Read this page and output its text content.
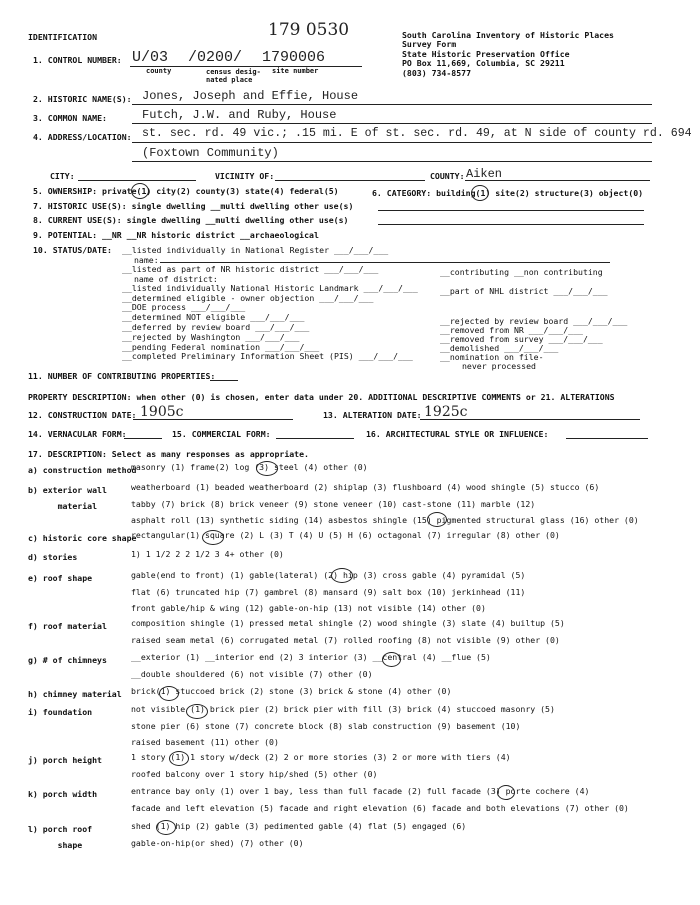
IDENTIFICATION	179 0530	South Carolina Inventory of Historic Places
Survey Form
State Historic Preservation Office
PO Box 11,669, Columbia, SC 29211
(803) 734-8577
1. CONTROL NUMBER: U/03 /0200/ 1790006
county	census desig-
nated place
site number
2. HISTORIC NAME(S): Jones, Joseph and Effie, House
3. COMMON NAME:	Futch, J.W. and Ruby, House
4. ADDRESS/LOCATION: st. sec. rd. 49 vic.; .15 mi. E of st. sec. rd. 49, at N side of county rd. 694
(Foxtown Community)
CITY:	VICINITY OF:	COUNTY: Aiken
5. OWNERSHIP: private(1) city(2) county(3) state(4) federal(5)	6. CATEGORY: building(1) site(2) structure(3) object(0)
7. HISTORIC USE(S): single dwelling __multi dwelling other use(s)
8. CURRENT USE(S): single dwelling __multi dwelling other use(s)
9. POTENTIAL: __NR __NR historic district __archaeological
10. STATUS/DATE: __listed individually in National Register ___/___/___
name:
__listed as part of NR historic district ___/___/___
__listed individually National Historic Landmark ___/___/___
name of district:
__determined eligible - owner objection ___/___/___
__DOE process ___/___/___
__determined NOT eligible ___/___/___
__deferred by review board ___/___/___
__rejected by Washington ___/___/___
__pending Federal nomination ___/___/___
__completed Preliminary Information Sheet (PIS) ___/___/___
__contributing __non contributing
__part of NHL district ___/___/___
__rejected by review board ___/___/___
__removed from NR ___/___/___
__removed from survey ___/___/___
__demolished ___/___/___
__nomination on file-
never processed
11. NUMBER OF CONTRIBUTING PROPERTIES:
PROPERTY DESCRIPTION: when other (0) is chosen, enter data under 20. ADDITIONAL DESCRIPTIVE COMMENTS or 21. ALTERATIONS
12. CONSTRUCTION DATE: 1905c	13. ALTERATION DATE: 1925c
14. VERNACULAR FORM:	15. COMMERCIAL FORM:	16. ARCHITECTURAL STYLE OR INFLUENCE:
17. DESCRIPTION: Select as many responses as appropriate.
a) construction method
masonry (1) frame(2) log (3) steel (4) other (0)
b) exterior wall
material
weatherboard (1) beaded weatherboard (2) shiplap (3) flushboard (4) wood shingle (5) stucco (6)
tabby (7) brick (8) brick veneer (9) stone veneer (10) cast-stone (11) marble (12)
asphalt roll (13) synthetic siding (14) asbestos shingle (15) pigmented structural glass (16) other (0)
c) historic core shape
rectangular(1) square (2) L (3) T (4) U (5) H (6) octagonal (7) irregular (8) other (0)
d) stories	1) 1 1/2 2 2 1/2 3 4+ other (0)
e) roof shape	gable(end to front) (1) gable(lateral) (2) hip (3) cross gable (4) pyramidal (5)
flat (6) truncated hip (7) gambrel (8) mansard (9) salt box (10) jerkinhead (11)
front gable/hip & wing (12) gable-on-hip (13) not visible (14) other (0)
f) roof material	composition shingle (1) pressed metal shingle (2) wood shingle (3) slate (4) builtup (5)
raised seam metal (6) corrugated metal (7) rolled roofing (8) not visible (9) other (0)
g) # of chimneys	__exterior (1) __interior end (2) 3 interior (3) __central (4) __flue (5)
__double shouldered (6) not visible (7) other (0)
h) chimney material brick(1) stuccoed brick (2) stone (3) brick & stone (4) other (0)
i) foundation	not visible (1) brick pier (2) brick pier with fill (3) brick (4) stuccoed masonry (5)
stone pier (6) stone (7) concrete block (8) slab construction (9) basement (10)
raised basement (11) other (0)
j) porch height	1 story (1) 1 story w/deck (2) 2 or more stories (3) 2 or more with tiers (4)
roofed balcony over 1 story hip/shed (5) other (0)
k) porch width	entrance bay only (1) over 1 bay, less than full facade (2) full facade (3) porte cochere (4)
facade and left elevation (5) facade and right elevation (6) facade and both elevations (7) other (0)
l) porch roof
shape
shed (1) hip (2) gable (3) pedimented gable (4) flat (5) engaged (6)
gable-on-hip(or shed) (7) other (0)
